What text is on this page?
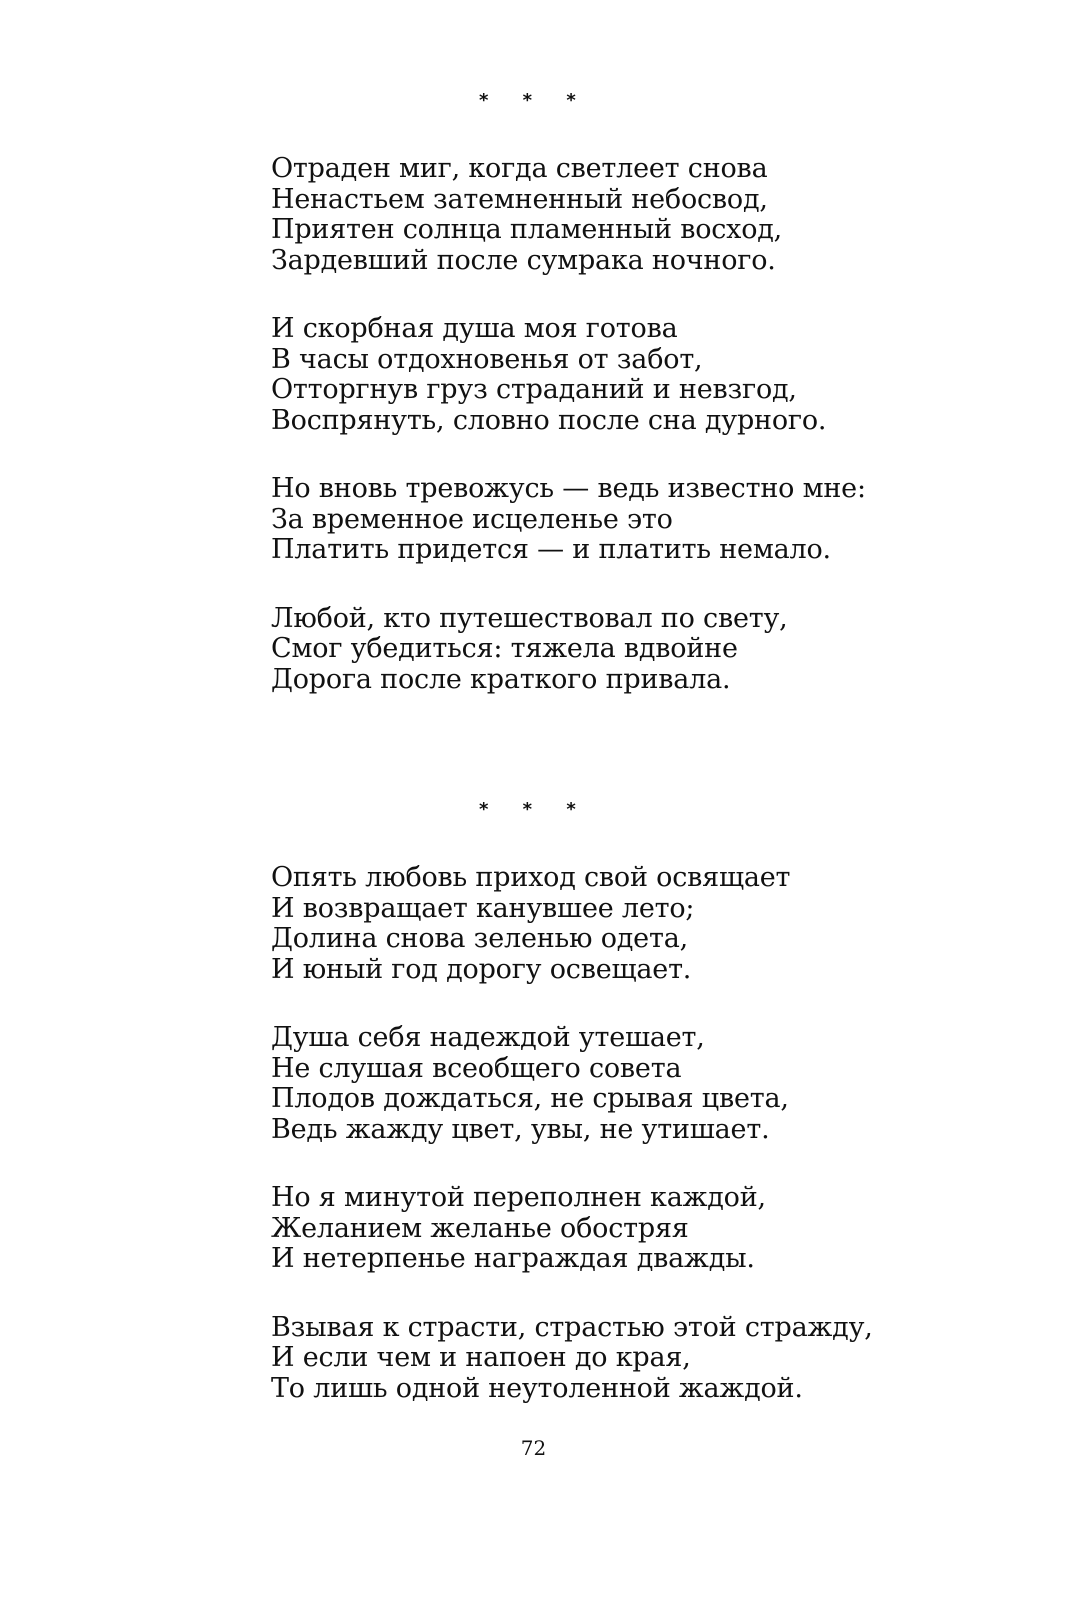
* * *
Отраден миг, когда светлеет снова
Ненастьем затемненный небосвод,
Приятен солнца пламенный восход,
Зардевший после сумрака ночного.
И скорбная душа моя готова
В часы отдохновенья от забот,
Отторгнув груз страданий и невзгод,
Воспрянуть, словно после сна дурного.
Но вновь тревожусь — ведь известно мне:
За временное исцеленье это
Платить придется — и платить немало.
Любой, кто путешествовал по свету,
Смог убедиться: тяжела вдвойне
Дорога после краткого привала.
* * *
Опять любовь приход свой освящает
И возвращает канувшее лето;
Долина снова зеленью одета,
И юный год дорогу освещает.
Душа себя надеждой утешает,
Не слушая всеобщего совета
Плодов дождаться, не срывая цвета,
Ведь жажду цвет, увы, не утишает.
Но я минутой переполнен каждой,
Желанием желанье обостряя
И нетерпенье награждая дважды.
Взывая к страсти, страстью этой стражду,
И если чем и напоен до края,
То лишь одной неутоленной жаждой.
72
